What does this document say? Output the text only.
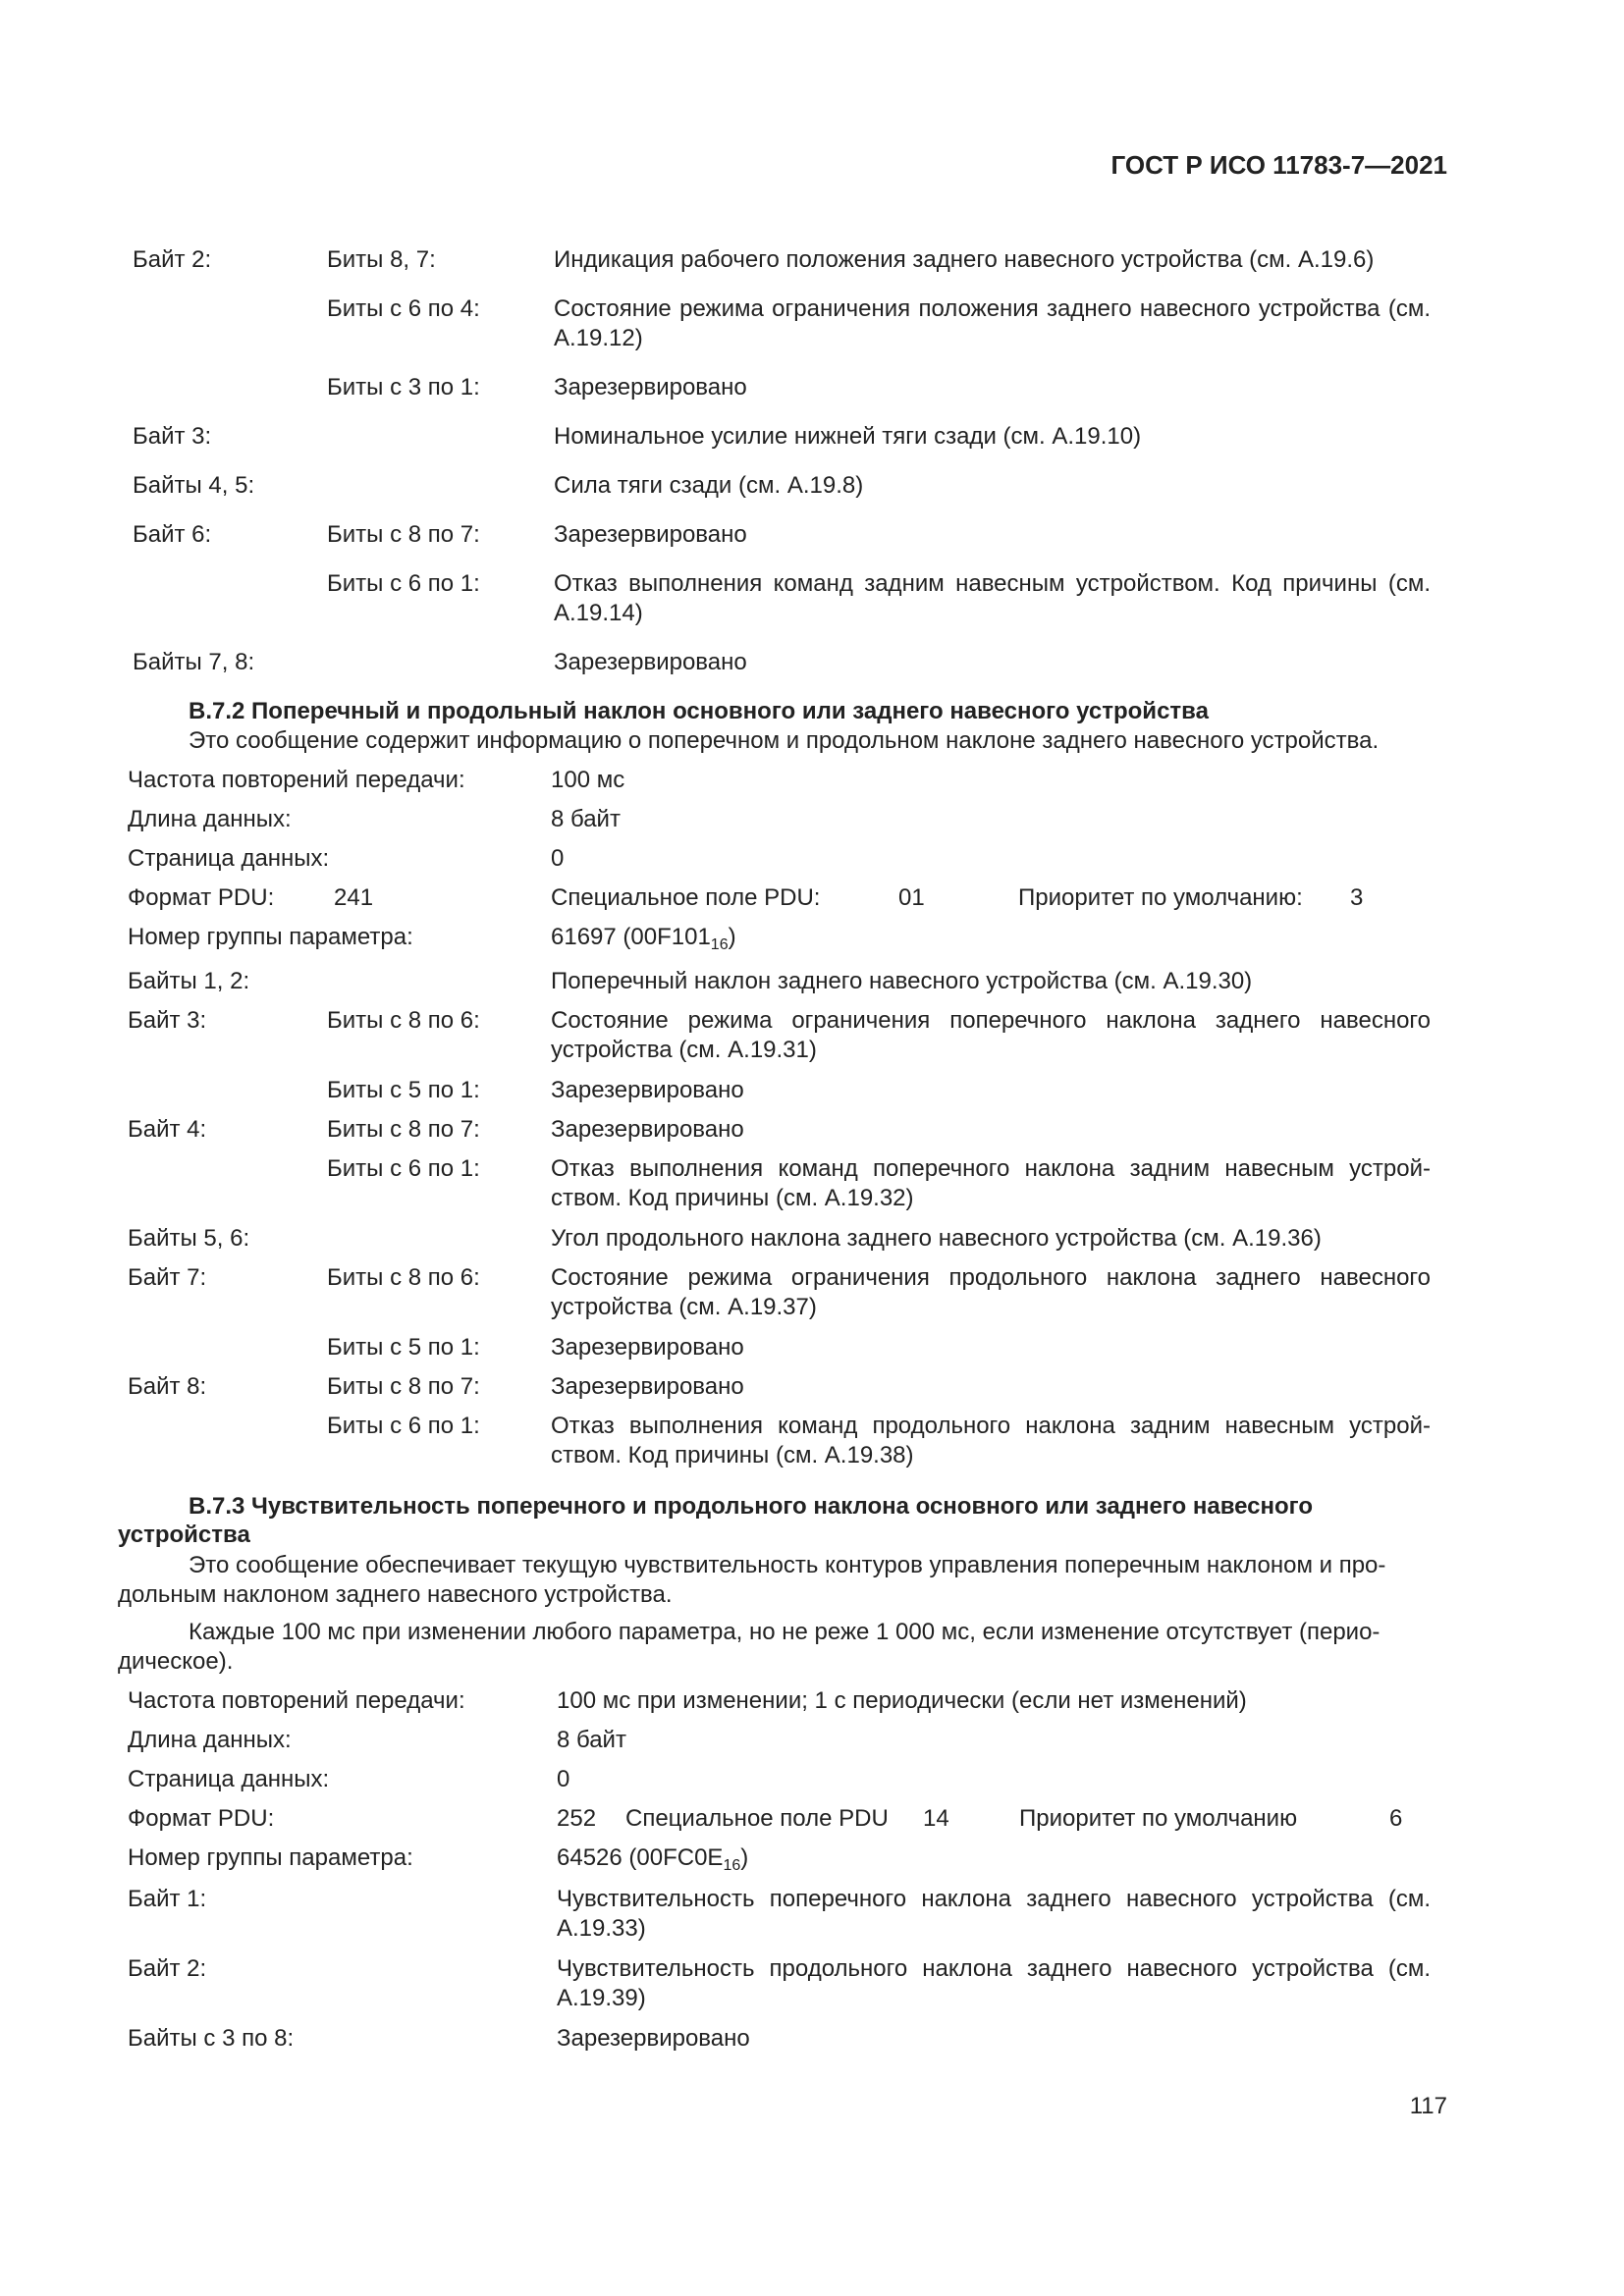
ГОСТ Р ИСО 11783-7—2021
Байт 2:	Биты 8, 7:	Индикация рабочего положения заднего навесного устройства (см. А.19.6)
Биты с 6 по 4:	Состояние режима ограничения положения заднего навесного устройства (см. А.19.12)
Биты с 3 по 1:	Зарезервировано
Байт 3:	Номинальное усилие нижней тяги сзади (см. А.19.10)
Байты 4, 5:	Сила тяги сзади (см. А.19.8)
Байт 6:	Биты с 8 по 7:	Зарезервировано
Биты с 6 по 1:	Отказ выполнения команд задним навесным устройством. Код причины (см. А.19.14)
Байты 7, 8:	Зарезервировано
B.7.2 Поперечный и продольный наклон основного или заднего навесного устройства
Это сообщение содержит информацию о поперечном и продольном наклоне заднего навесного устройства.
Частота повторений передачи:	100 мс
Длина данных:	8 байт
Страница данных:	0
Формат PDU:	241	Специальное поле PDU:	01	Приоритет по умолчанию: 3
Номер группы параметра:	61697 $(00F101_{16})$
Байты 1, 2:	Поперечный наклон заднего навесного устройства (см. А.19.30)
Байт 3:	Биты с 8 по 6:	Состояние режима ограничения поперечного наклона заднего навесного устройства (см. А.19.31)
Биты с 5 по 1:	Зарезервировано
Байт 4:	Биты с 8 по 7:	Зарезервировано
Биты с 6 по 1:	Отказ выполнения команд поперечного наклона задним навесным устрой-ством. Код причины (см. А.19.32)
Байты 5, 6:	Угол продольного наклона заднего навесного устройства (см. А.19.36)
Байт 7:	Биты с 8 по 6:	Состояние режима ограничения продольного наклона заднего навесного устройства (см. А.19.37)
Биты с 5 по 1:	Зарезервировано
Байт 8:	Биты с 8 по 7:	Зарезервировано
Биты с 6 по 1:	Отказ выполнения команд продольного наклона задним навесным устрой-ством. Код причины (см. А.19.38)
B.7.3 Чувствительность поперечного и продольного наклона основного или заднего навесного
устройства
Это сообщение обеспечивает текущую чувствительность контуров управления поперечным наклоном и про-
дольным наклоном заднего навесного устройства.
Каждые 100 мс при изменении любого параметра, но не реже 1 000 мс, если изменение отсутствует (перио-
дическое).
Частота повторений передачи:	100 мс при изменении; 1 с периодически (если нет изменений)
Длина данных:	8 байт
Страница данных:	0
Формат PDU:	252 Специальное поле PDU 14	Приоритет по умолчанию	6
Номер группы параметра:	64526 $(00FC0E_{16})$
Байт 1:	Чувствительность поперечного наклона заднего навесного устройства (см. А.19.33)
Байт 2:	Чувствительность продольного наклона заднего навесного устройства (см. А.19.39)
Байты с 3 по 8:	Зарезервировано
117
